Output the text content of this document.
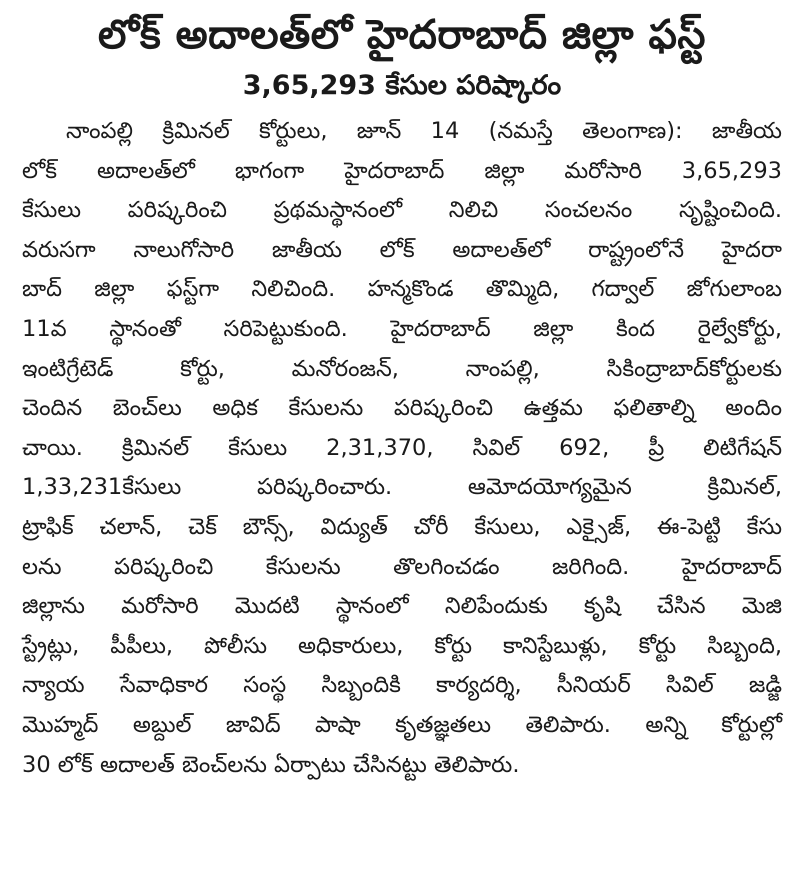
లోక్‌ అదాలత్‌లో హైదరాబాద్‌ జిల్లా ఫస్ట్‌
3,65,293 కేసుల పరిష్కారం
నాంపల్లి క్రిమినల్‌ కోర్టులు, జూన్‌ 14 (నమస్తే తెలంగాణ): జాతీయ
లోక్‌ అదాలత్‌లో భాగంగా హైదరాబాద్‌ జిల్లా మరోసారి 3,65,293
కేసులు పరిష్కరించి ప్రథమస్థానంలో నిలిచి సంచలనం సృష్టించింది.
వరుసగా నాలుగోసారి జాతీయ లోక్‌ అదాలత్‌లో రాష్ట్రంలోనే హైదరా
బాద్‌ జిల్లా ఫస్ట్‌గా నిలిచింది. హన్మకొండ తొమ్మిది, గద్వాల్‌ జోగులాంబ
11వ స్థానంతో సరిపెట్టుకుంది. హైదరాబాద్‌ జిల్లా కింద రైల్వేకోర్టు,
ఇంటిగ్రేటెడ్‌ కోర్టు, మనోరంజన్‌, నాంపల్లి, సికింద్రాబాద్‌కోర్టులకు
చెందిన బెంచ్‌లు అధిక కేసులను పరిష్కరించి ఉత్తమ ఫలితాల్ని అందిం
చాయి. క్రిమినల్‌ కేసులు 2,31,370, సివిల్‌ 692, ప్రీ లిటిగేషన్‌
1,33,231కేసులు పరిష్కరించారు. ఆమోదయోగ్యమైన క్రిమినల్‌,
ట్రాఫిక్‌ చలాన్‌, చెక్‌ బౌన్స్‌, విద్యుత్‌ చోరీ కేసులు, ఎక్సైజ్‌, ఈ-పెట్టి కేసు
లను పరిష్కరించి కేసులను తొలగించడం జరిగింది. హైదరాబాద్‌
జిల్లాను మరోసారి మొదటి స్థానంలో నిలిపేందుకు కృషి చేసిన మెజి
స్ట్రేట్లు, పీపీలు, పోలీసు అధికారులు, కోర్టు కానిస్టేబుళ్లు, కోర్టు సిబ్బంది,
న్యాయ సేవాధికార సంస్థ సిబ్బందికి కార్యదర్శి, సీనియర్‌ సివిల్‌ జడ్జి
మొహ్మద్‌ అబ్దుల్‌ జావిద్‌ పాషా కృతజ్ఞతలు తెలిపారు. అన్ని కోర్టుల్లో
30 లోక్‌ అదాలత్‌ బెంచ్‌లను ఏర్పాటు చేసినట్టు తెలిపారు.
